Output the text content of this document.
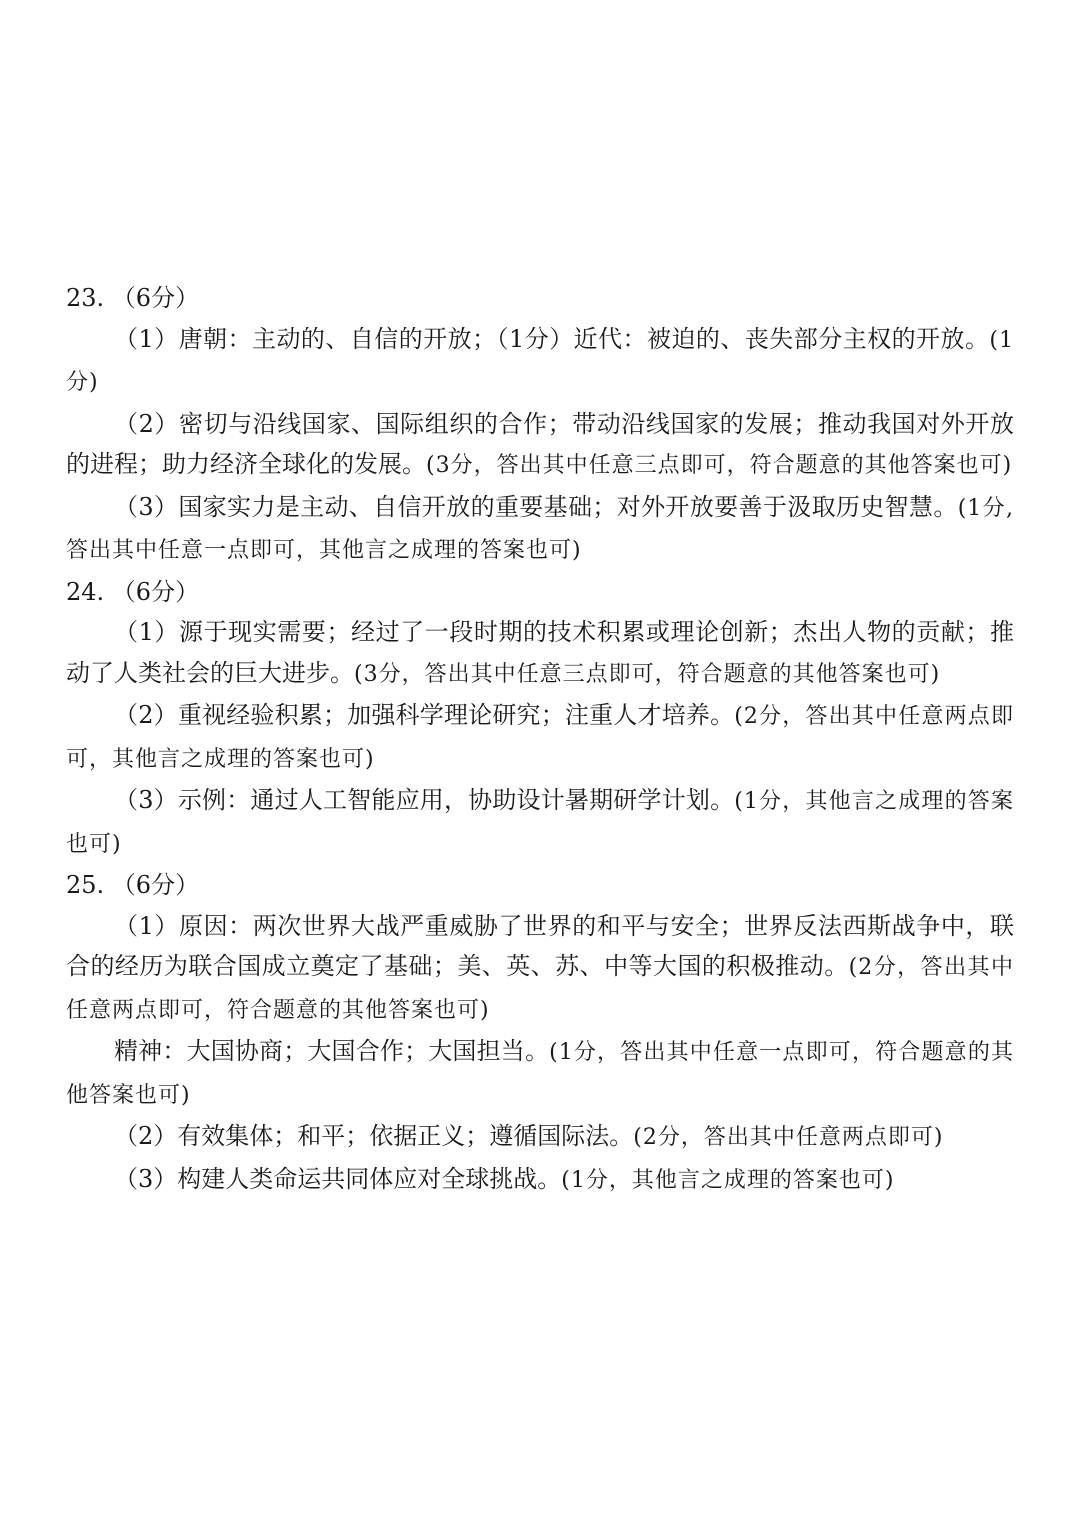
23. （6分）

（1）唐朝：主动的、自信的开放；（1分）近代：被迫的、丧失部分主权的开放。(1分)

（2）密切与沿线国家、国际组织的合作；带动沿线国家的发展；推动我国对外开放的进程；助力经济全球化的发展。(3分，答出其中任意三点即可，符合题意的其他答案也可)

（3）国家实力是主动、自信开放的重要基础；对外开放要善于汲取历史智慧。(1分,答出其中任意一点即可，其他言之成理的答案也可)

24. （6分）

（1）源于现实需要；经过了一段时期的技术积累或理论创新；杰出人物的贡献；推动了人类社会的巨大进步。(3分，答出其中任意三点即可，符合题意的其他答案也可)

（2）重视经验积累；加强科学理论研究；注重人才培养。(2分，答出其中任意两点即可，其他言之成理的答案也可)

（3）示例：通过人工智能应用，协助设计暑期研学计划。(1分，其他言之成理的答案也可)

25. （6分）

（1）原因：两次世界大战严重威胁了世界的和平与安全；世界反法西斯战争中，联合的经历为联合国成立奠定了基础；美、英、苏、中等大国的积极推动。(2分，答出其中任意两点即可，符合题意的其他答案也可)

精神：大国协商；大国合作；大国担当。(1分，答出其中任意一点即可，符合题意的其他答案也可)

（2）有效集体；和平；依据正义；遵循国际法。(2分，答出其中任意两点即可)

（3）构建人类命运共同体应对全球挑战。(1分，其他言之成理的答案也可)
